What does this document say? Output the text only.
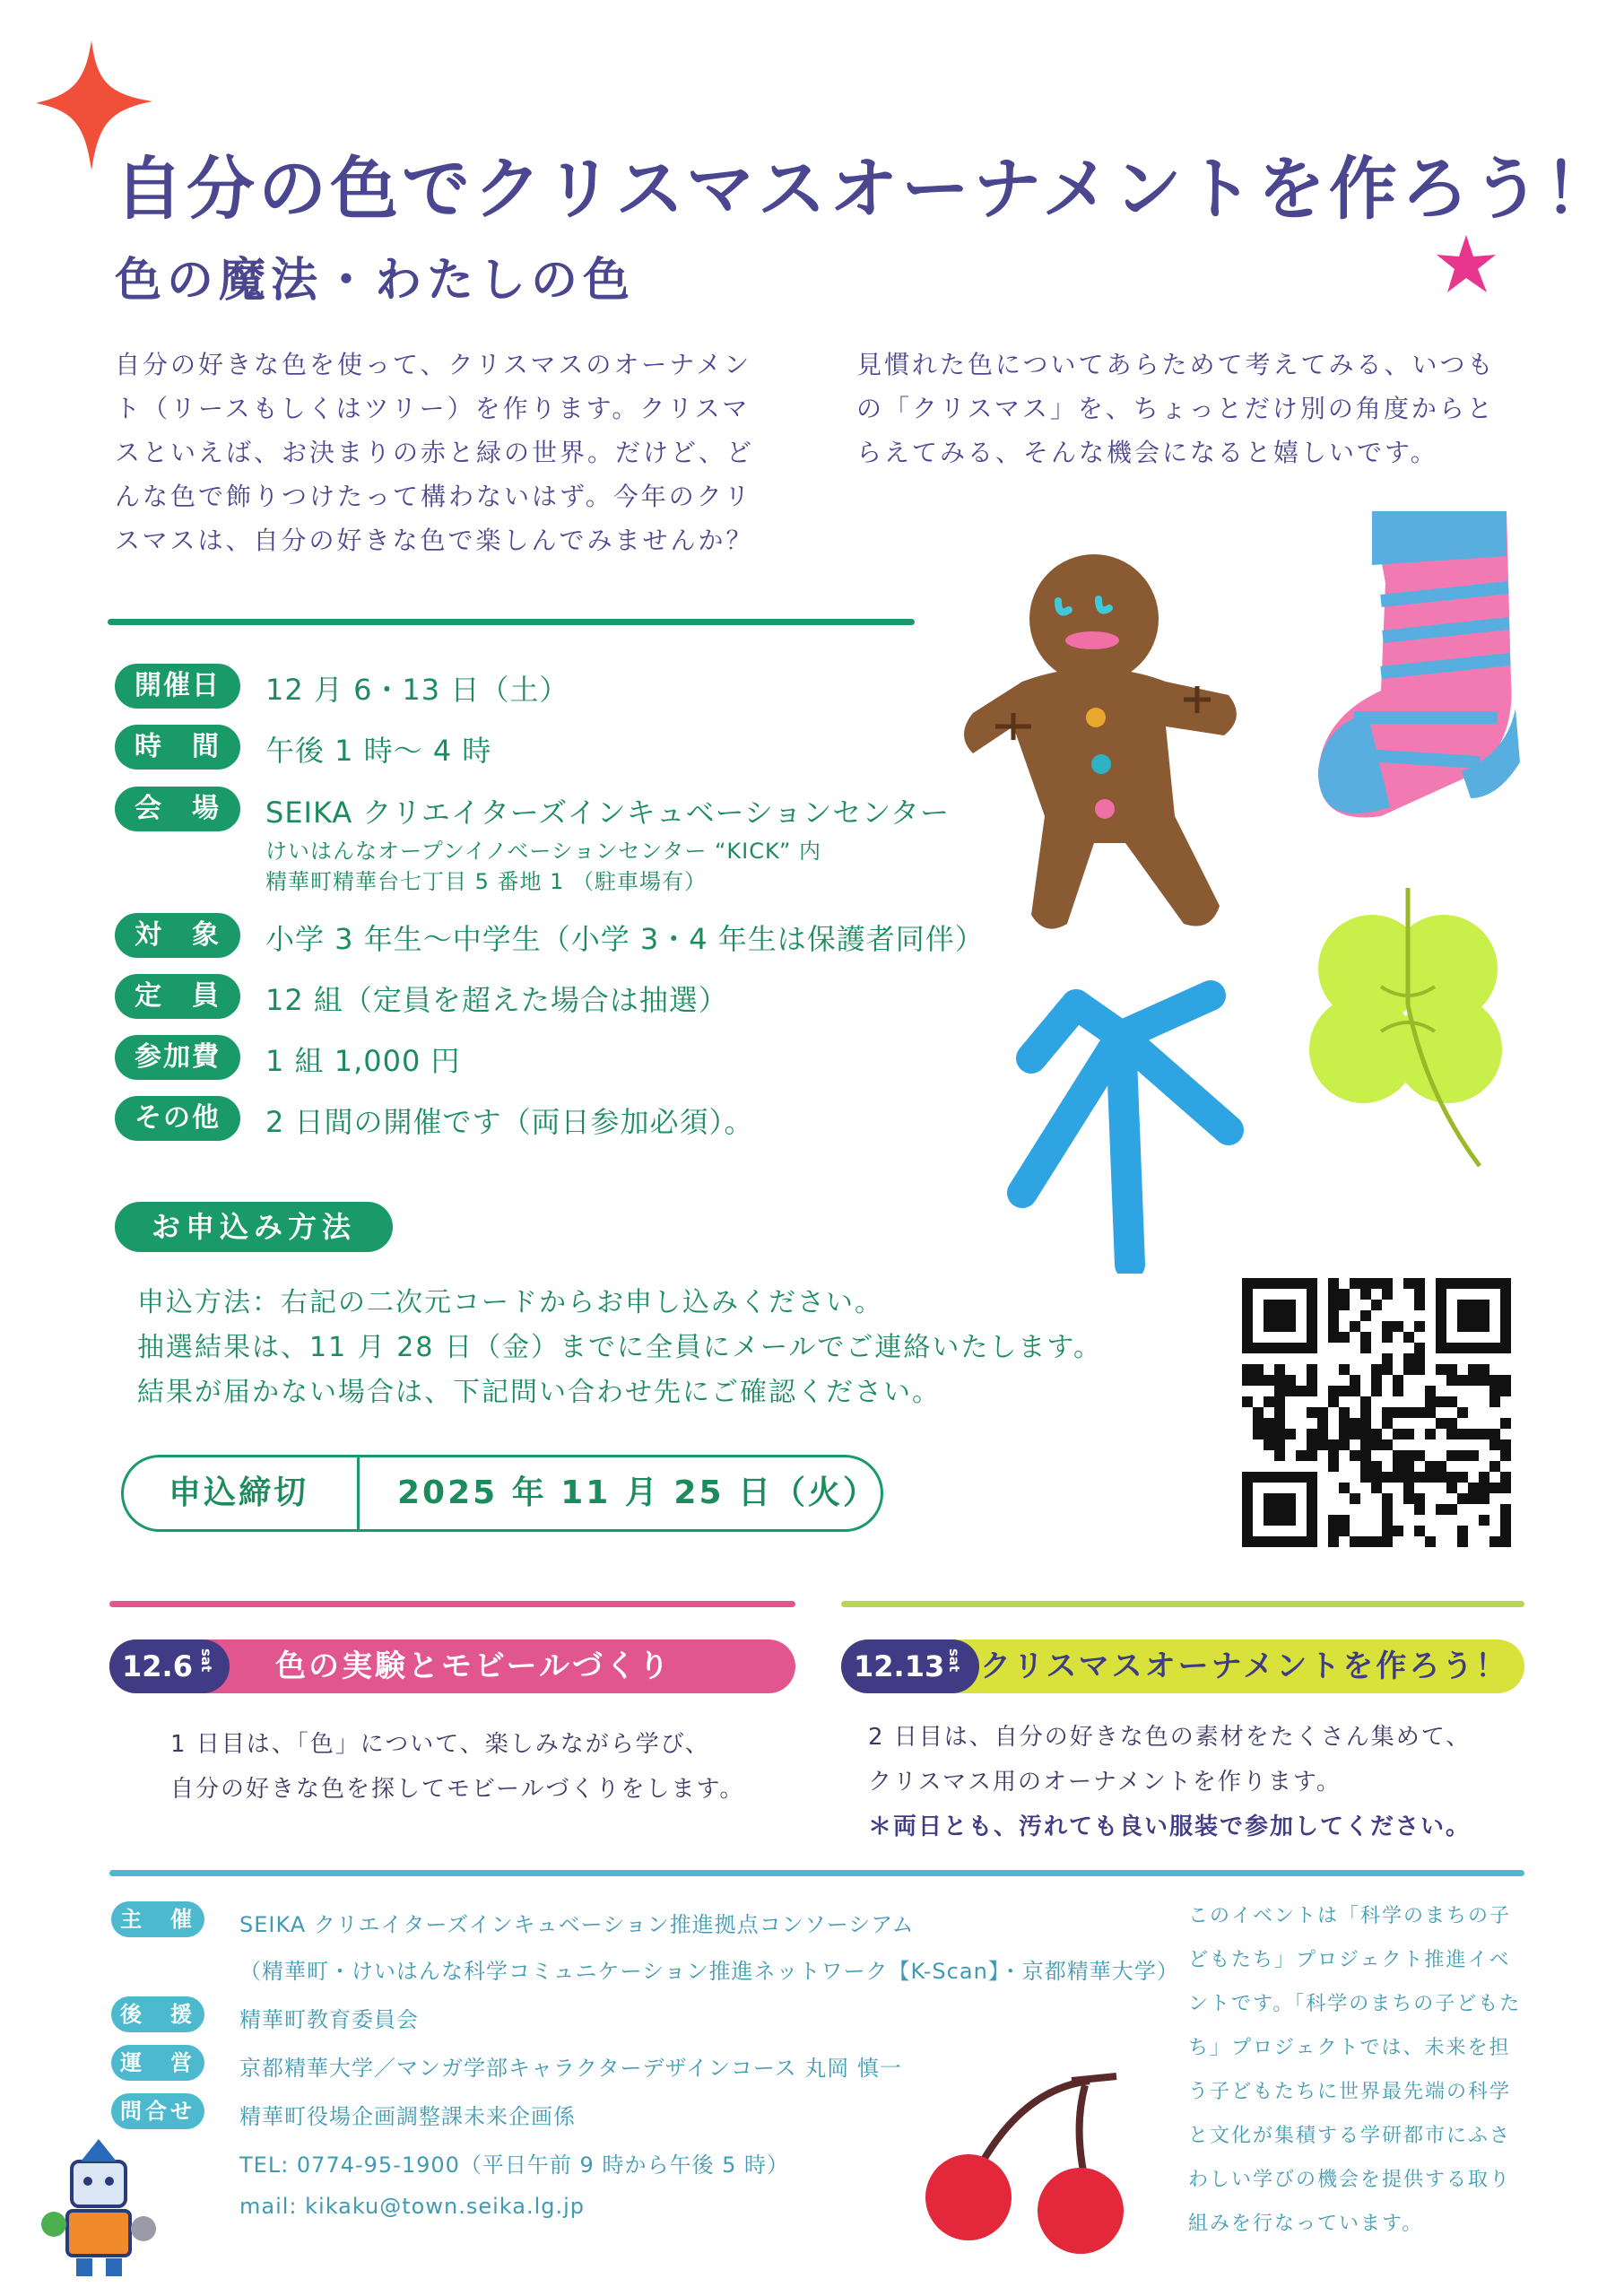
自分の色でクリスマスオーナメントを作ろう！
色の魔法・わたしの色

自分の好きな色を使って、クリスマスのオーナメン

ト（リースもしくはツリー）を作ります。クリスマ

スといえば、お決まりの赤と緑の世界。だけど、ど

んな色で飾りつけたって構わないはず。今年のクリ

スマスは、自分の好きな色で楽しんでみませんか？

見慣れた色についてあらためて考えてみる、いつも

の「クリスマス」を、ちょっとだけ別の角度からと

らえてみる、そんな機会になると嬉しいです。

開催日	12 月 6・13 日（土）
時　間	午後 1 時〜 4 時
会　場	SEIKA クリエイターズインキュベーションセンター
けいはんなオープンイノベーションセンター “KICK” 内
精華町精華台七丁目 5 番地 1 （駐車場有）
対　象	小学 3 年生〜中学生（小学 3・4 年生は保護者同伴）
定　員	12 組（定員を超えた場合は抽選）
参加費	1 組 1,000 円
その他	2 日間の開催です（両日参加必須）。
お申込み方法

申込方法：右記の二次元コードからお申し込みください。

抽選結果は、11 月 28 日（金）までに全員にメールでご連絡いたします。

結果が届かない場合は、下記問い合わせ先にご確認ください。

申込締切	2025 年 11 月 25 日（火）
12.6 sat 色の実験とモビールづくり

1 日目は、「色」について、楽しみながら学び、

自分の好きな色を探してモビールづくりをします。

12.13 sat クリスマスオーナメントを作ろう！

2 日目は、自分の好きな色の素材をたくさん集めて、

クリスマス用のオーナメントを作ります。

＊両日とも、汚れても良い服装で参加してください。

主　催	SEIKA クリエイターズインキュベーション推進拠点コンソーシアム
（精華町・けいはんな科学コミュニケーション推進ネットワーク【K-Scan】・京都精華大学）
後　援	精華町教育委員会
運　営	京都精華大学／マンガ学部キャラクターデザインコース 丸岡 慎一
問合せ	精華町役場企画調整課未来企画係
TEL: 0774-95-1900（平日午前 9 時から午後 5 時）
mail: kikaku@town.seika.lg.jp
このイベントは「科学のまちの子
どもたち」プロジェクト推進イベ
ントです。「科学のまちの子どもた
ち」プロジェクトでは、未来を担
う子どもたちに世界最先端の科学
と文化が集積する学研都市にふさ
わしい学びの機会を提供する取り
組みを行なっています。
